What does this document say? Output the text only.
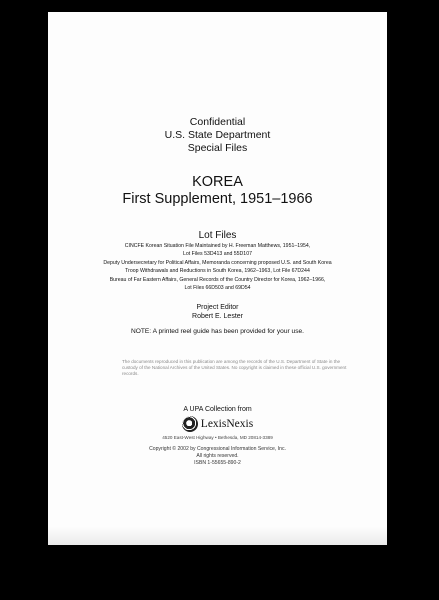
Confidential
U.S. State Department
Special Files
KOREA
First Supplement, 1951–1966
Lot Files
CINCFE Korean Situation File Maintained by H. Freeman Matthews, 1951–1954,
Lot Files 53D413 and 55D107
Deputy Undersecretary for Political Affairs, Memoranda concerning proposed U.S. and South Korea
Troop Withdrawals and Reductions in South Korea, 1962–1963, Lot File 67D244
Bureau of Far Eastern Affairs, General Records of the Country Director for Korea, 1962–1966,
Lot Files 66D503 and 69D54
Project Editor
Robert E. Lester
NOTE: A printed reel guide has been provided for your use.
The documents reproduced in this publication are among the records of the U.S. Department of State in the custody of the National Archives of the United States. No copyright is claimed in these official U.S. government records.
A UPA Collection from
LexisNexis
4520 East-West Highway • Bethesda, MD 20814-3389
Copyright © 2002 by Congressional Information Service, Inc.
All rights reserved.
ISBN 1-55655-890-2
